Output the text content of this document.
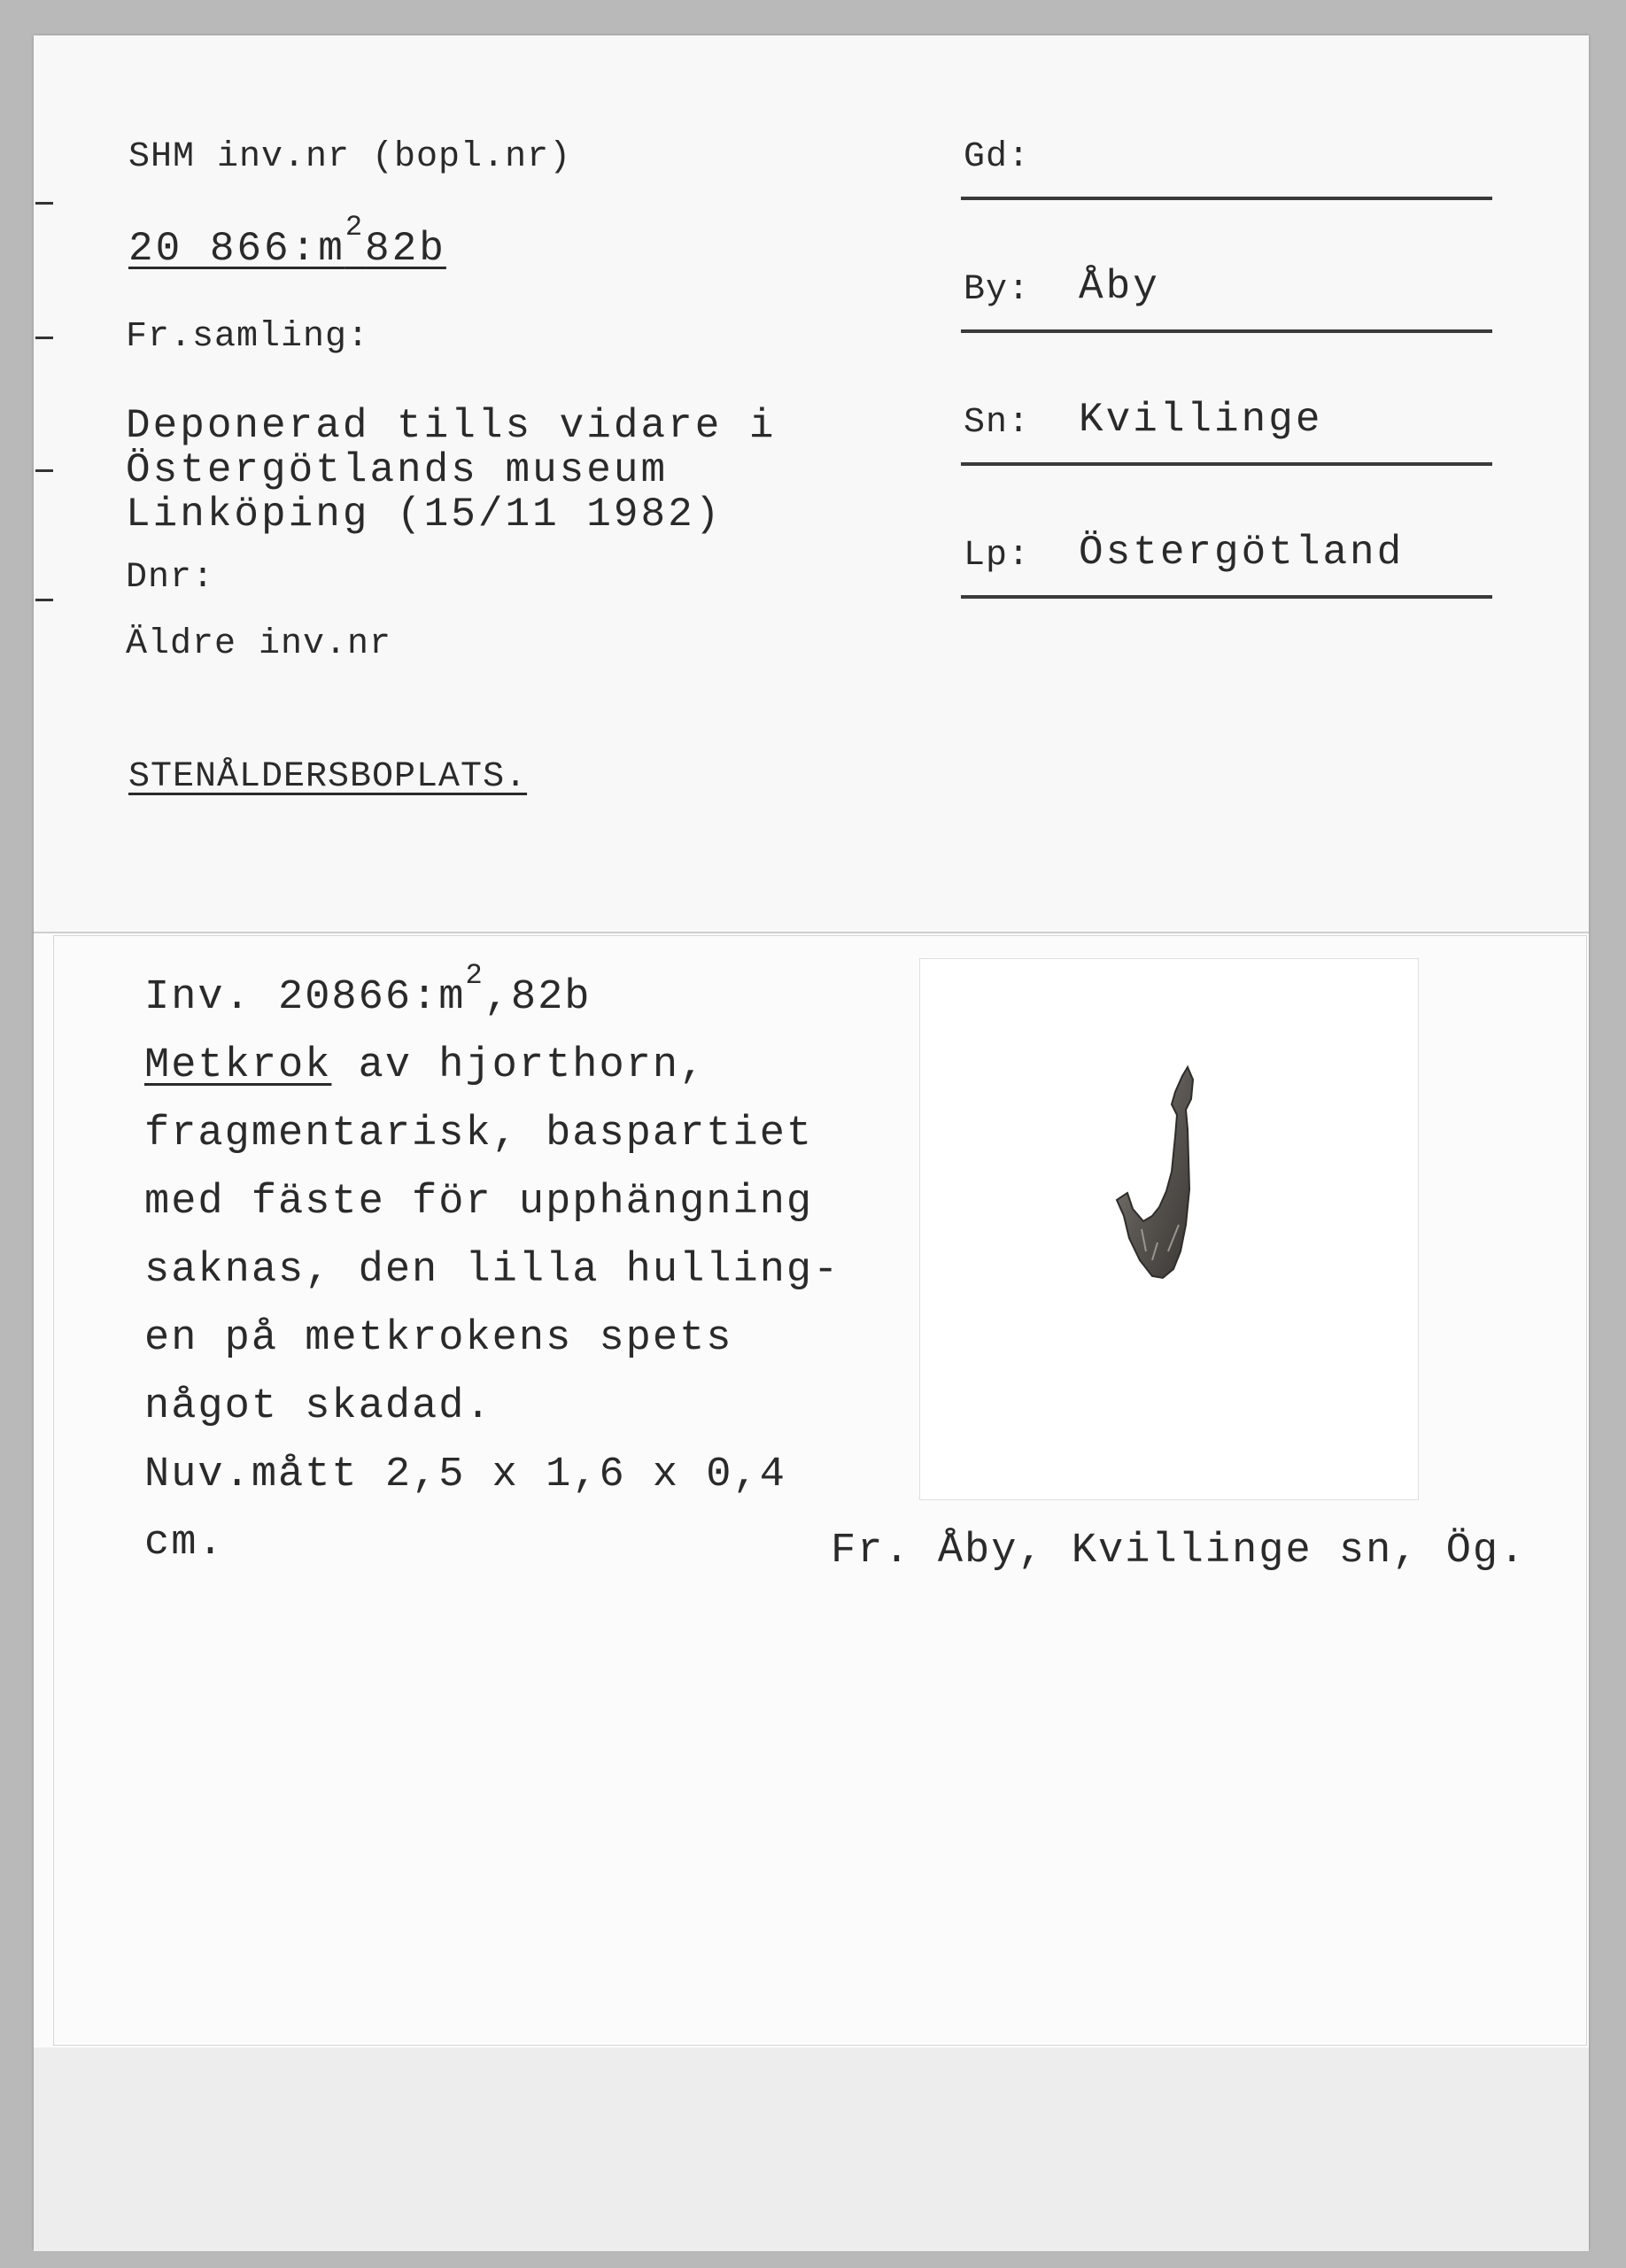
SHM inv.nr (bopl.nr)
20 $866:m^282b$
Fr.samling:
Deponerad tills vidare i
Östergötlands museum
Linköping (15/11 1982)
Dnr:
Äldre inv.nr
STENÅLDERSBOPLATS.
Gd:
By: Åby
Sn: Kvillinge
Lp: Östergötland
Inv. $20866:m^2,82b$
Metkrok av hjorthorn,
fragmentarisk, baspartiet
med fäste för upphängning
saknas, den lilla hulling-
en på metkrokens spets
något skadad.
Nuv.mått 2,5 x 1,6 x 0,4
cm.	Fr. Åby, Kvillinge sn, Ög.
